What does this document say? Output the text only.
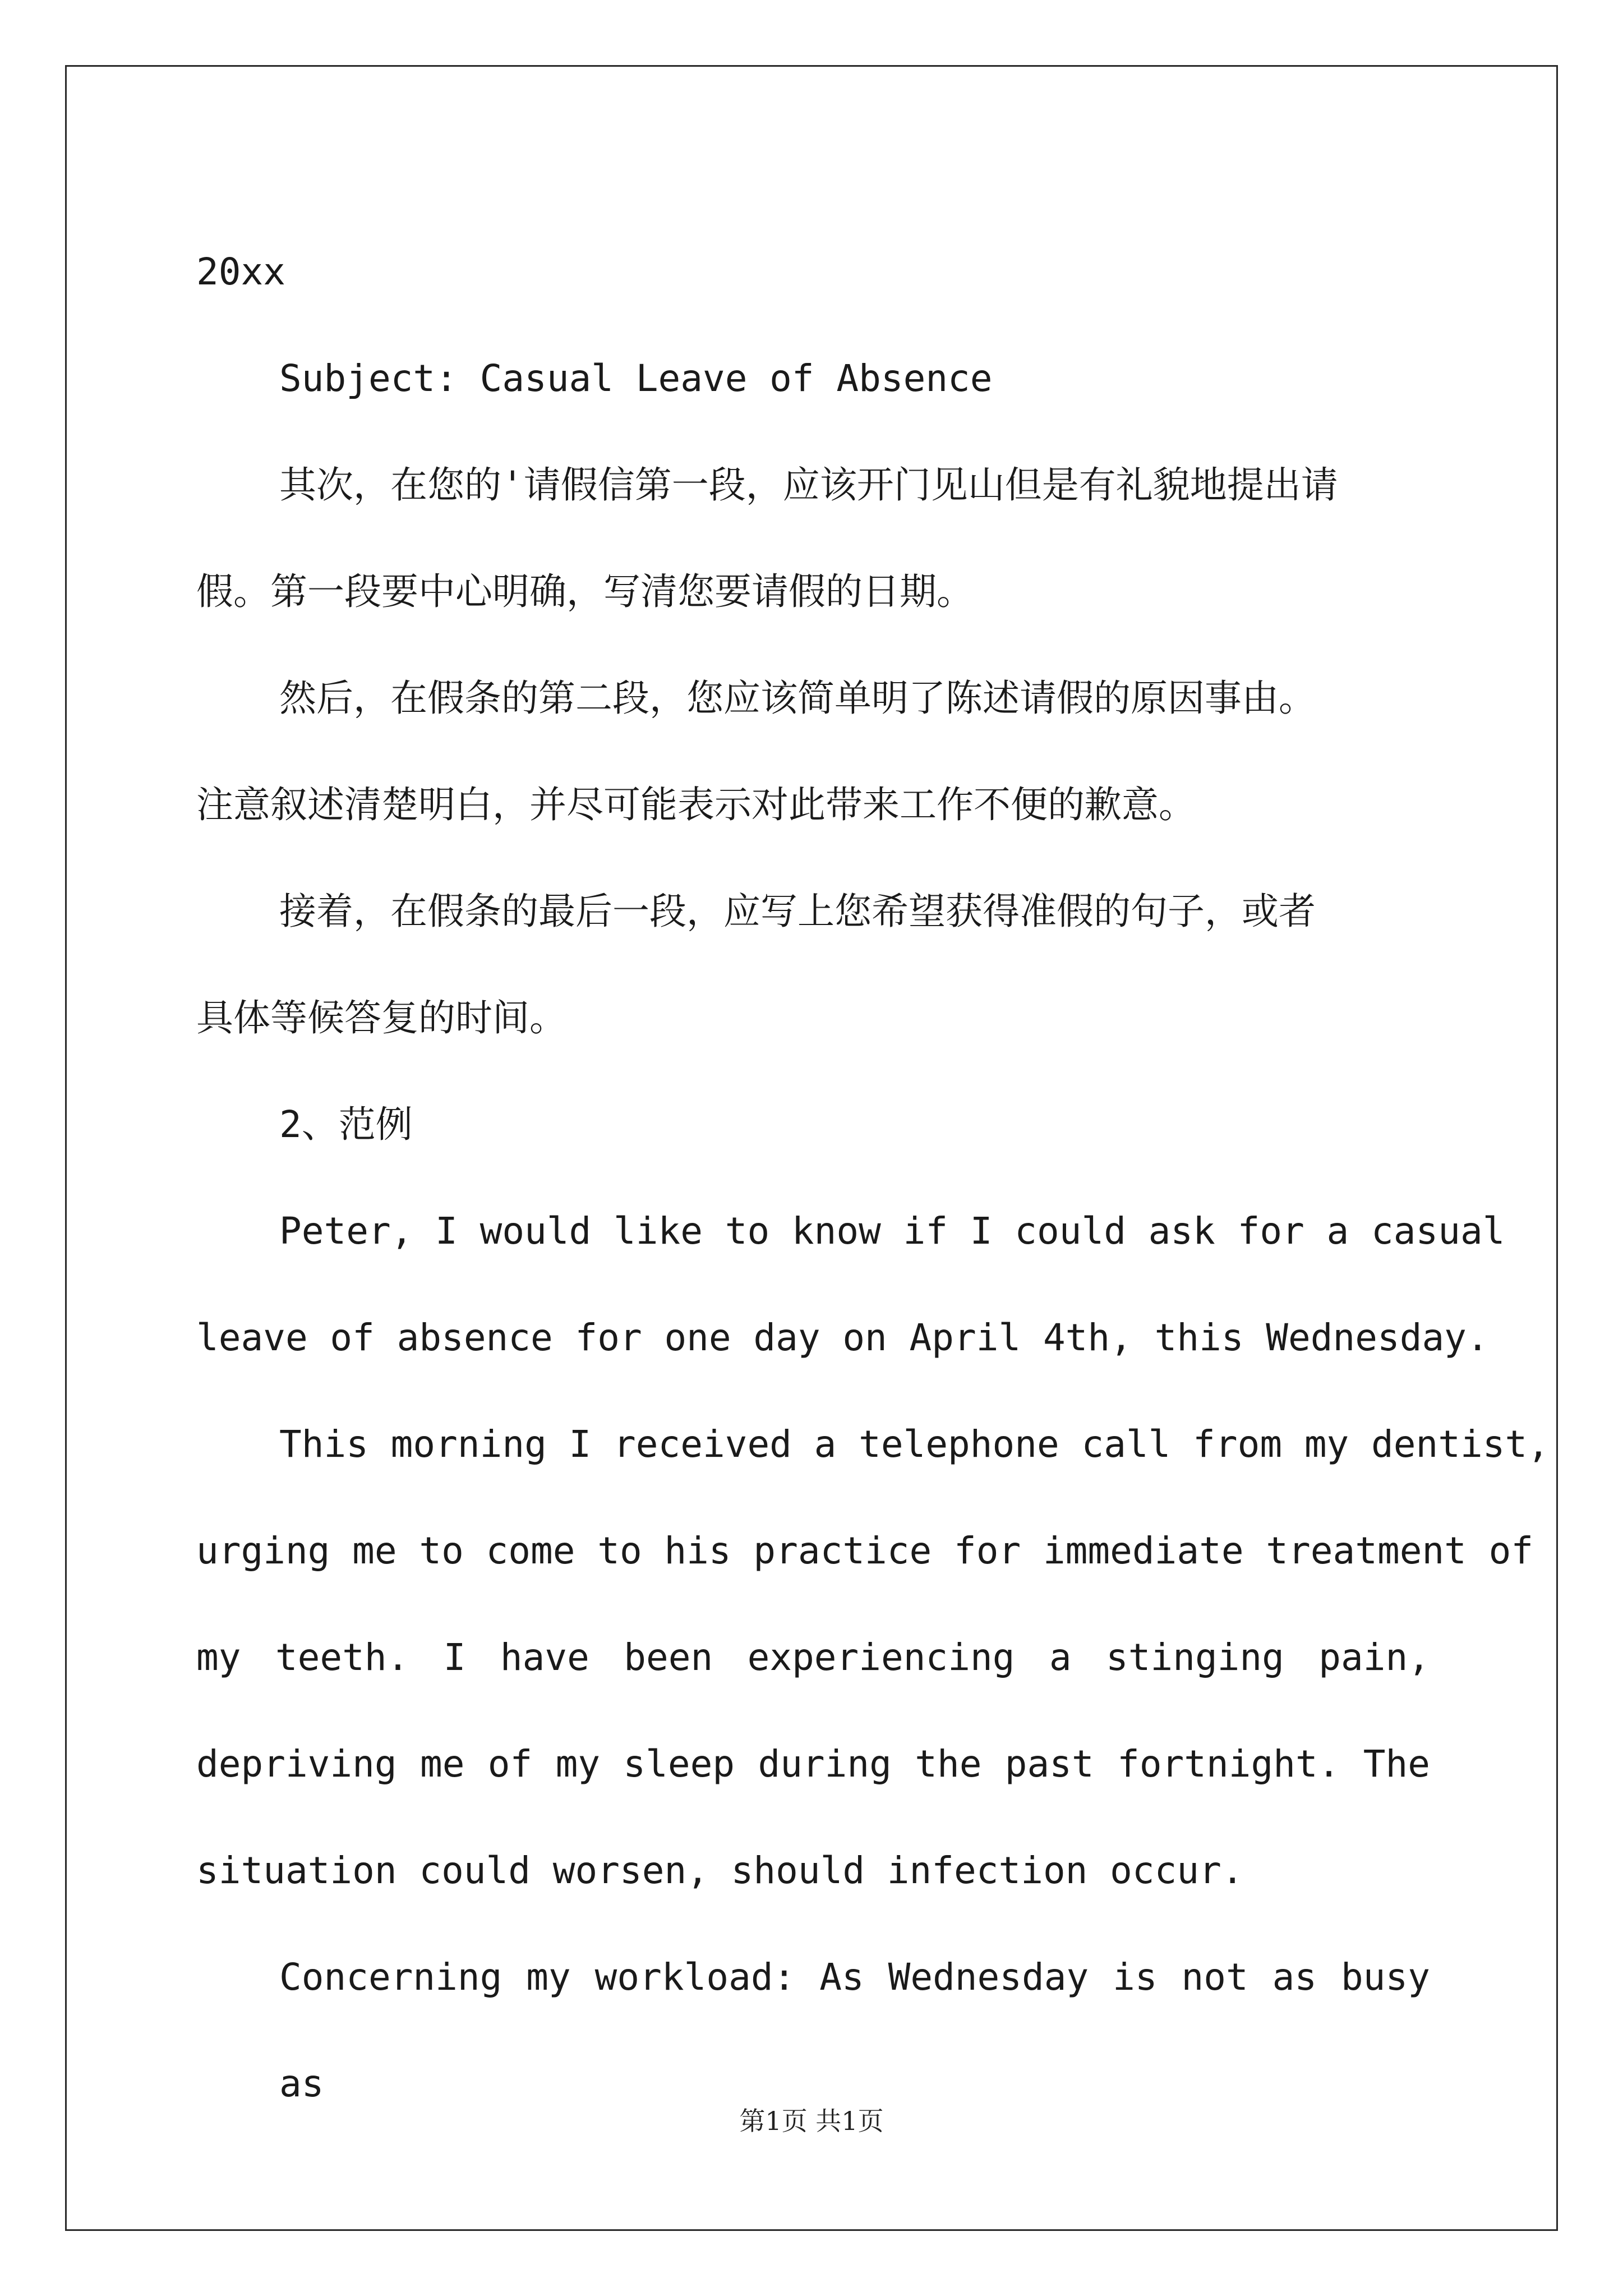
20xx
Subject: Casual Leave of Absence
其次，在您的'请假信第一段，应该开门见山但是有礼貌地提出请
假。第一段要中心明确，写清您要请假的日期。
然后，在假条的第二段，您应该简单明了陈述请假的原因事由。
注意叙述清楚明白，并尽可能表示对此带来工作不便的歉意。
接着，在假条的最后一段，应写上您希望获得准假的句子，或者
具体等候答复的时间。
2、范例
Peter, I would like to know if I could ask for a casual
leave of absence for one day on April 4th, this Wednesday.
This morning I received a telephone call from my dentist,
urging me to come to his practice for immediate treatment of
my teeth. I have been experiencing a stinging pain,
depriving me of my sleep during the past fortnight. The
situation could worsen, should infection occur.
Concerning my workload: As Wednesday is not as busy as
第1页 共1页
